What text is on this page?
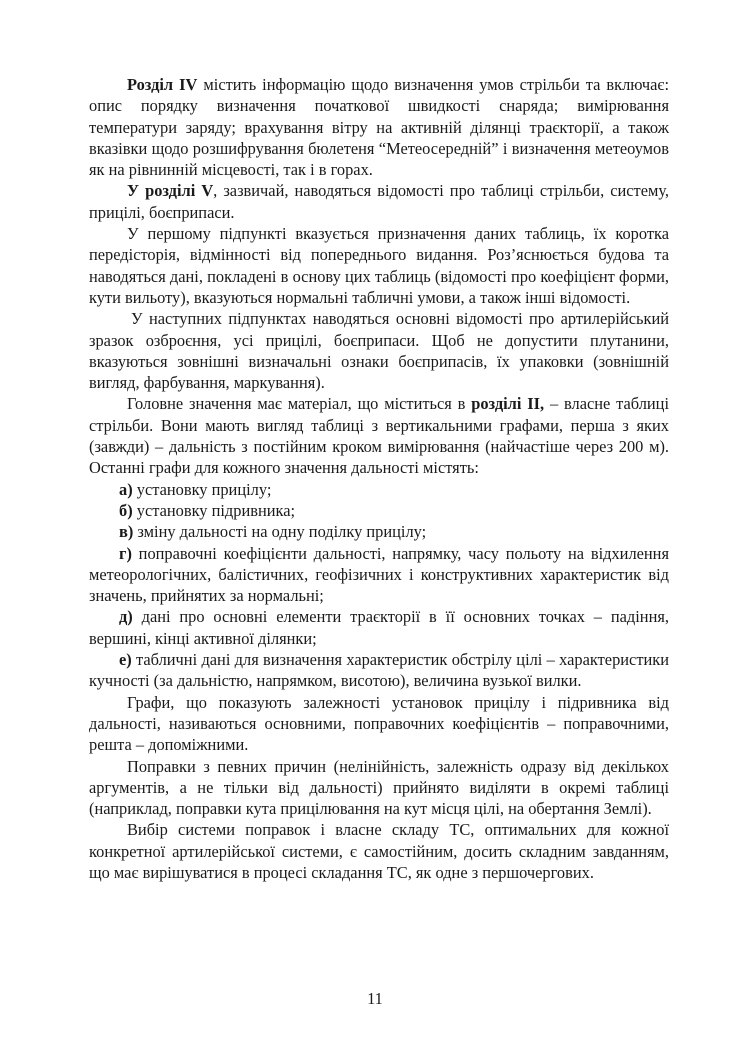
Розділ IV містить інформацію щодо визначення умов стрільби та включає: опис порядку визначення початкової швидкості снаряда; вимірювання температури заряду; врахування вітру на активній ділянці траєкторії, а також вказівки щодо розшифрування бюлетеня “Метеосередній” і визначення метеоумов як на рівнинній місцевості, так і в горах.

У розділі V, зазвичай, наводяться відомості про таблиці стрільби, систему, прицілі, боєприпаси.

У першому підпункті вказується призначення даних таблиць, їх коротка передісторія, відмінності від попереднього видання. Роз’яснюється будова та наводяться дані, покладені в основу цих таблиць (відомості про коефіцієнт форми, кути вильоту), вказуються нормальні табличні умови, а також інші відомості.

У наступних підпунктах наводяться основні відомості про артилерійський зразок озброєння, усі прицілі, боєприпаси. Щоб не допустити плутанини, вказуються зовнішні визначальні ознаки боєприпасів, їх упаковки (зовнішній вигляд, фарбування, маркування).

Головне значення має матеріал, що міститься в розділі II, – власне таблиці стрільби. Вони мають вигляд таблиці з вертикальними графами, перша з яких (завжди) – дальність з постійним кроком вимірювання (найчастіше через 200 м). Останні графи для кожного значення дальності містять:

а) установку прицілу;

б) установку підривника;

в) зміну дальності на одну поділку прицілу;

г) поправочні коефіцієнти дальності, напрямку, часу польоту на відхилення метеорологічних, балістичних, геофізичних і конструктивних характеристик від значень, прийнятих за нормальні;

д) дані про основні елементи траєкторії в її основних точках – падіння, вершині, кінці активної ділянки;

е) табличні дані для визначення характеристик обстрілу цілі – характеристики кучності (за дальністю, напрямком, висотою), величина вузької вилки.

Графи, що показують залежності установок прицілу і підривника від дальності, називаються основними, поправочних коефіцієнтів – поправочними, решта – допоміжними.

Поправки з певних причин (нелінійність, залежність одразу від декількох аргументів, а не тільки від дальності) прийнято виділяти в окремі таблиці (наприклад, поправки кута прицілювання на кут місця цілі, на обертання Землі).

Вибір системи поправок і власне складу ТС, оптимальних для кожної конкретної артилерійської системи, є самостійним, досить складним завданням, що має вирішуватися в процесі складання ТС, як одне з першочергових.

11
